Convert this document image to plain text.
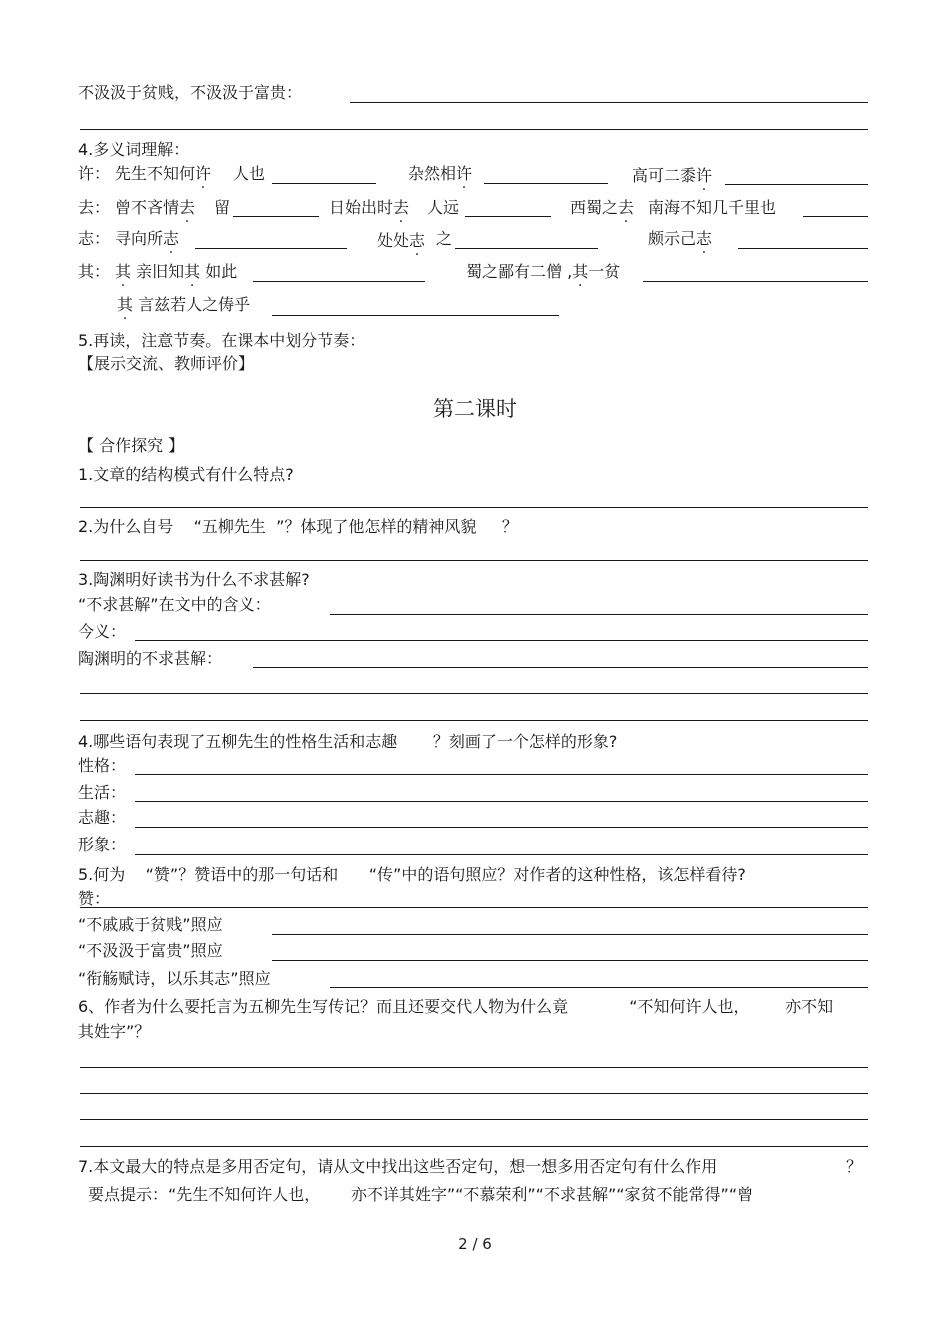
不汲汲于贫贱，不汲汲于富贵：
4.多义词理解：
许： 先生不知何许 人也	杂然相许	高可二黍许
去： 曾不吝情去 留	日始出时去 人远	西蜀之去 南海不知几千里也
志： 寻向所志	处处志 之	颇示己志
其： 其 亲旧知其 如此	蜀之鄙有二僧 ,其一贫
其 言兹若人之俦乎
5.再读，注意节奏。在课本中划分节奏：
【展示交流、教师评价】
第二课时
【 合作探究 】
1.文章的结构模式有什么特点?
2.为什么自号 “五柳先生 ”？体现了他怎样的精神风貌 ？
3.陶渊明好读书为什么不求甚解?
“不求甚解”在文中的含义：
今义：
陶渊明的不求甚解：
4.哪些语句表现了五柳先生的性格生活和志趣 ？刻画了一个怎样的形象?
性格：
生活：
志趣：
形象：
5.何为 “赞”？赞语中的那一句话和 “传”中的语句照应？对作者的这种性格，该怎样看待?
赞：
“不戚戚于贫贱”照应
“不汲汲于富贵”照应
“衔觞赋诗，以乐其志”照应
6、作者为什么要托言为五柳先生写传记？而且还要交代人物为什么竟	“不知何许人也， 亦不知
其姓字”？
7.本文最大的特点是多用否定句，请从文中找出这些否定句，想一想多用否定句有什么作用	？
要点提示：“先生不知何许人也， 亦不详其姓字”“不慕荣利”“不求甚解”“家贫不能常得”“曾
2 / 6
